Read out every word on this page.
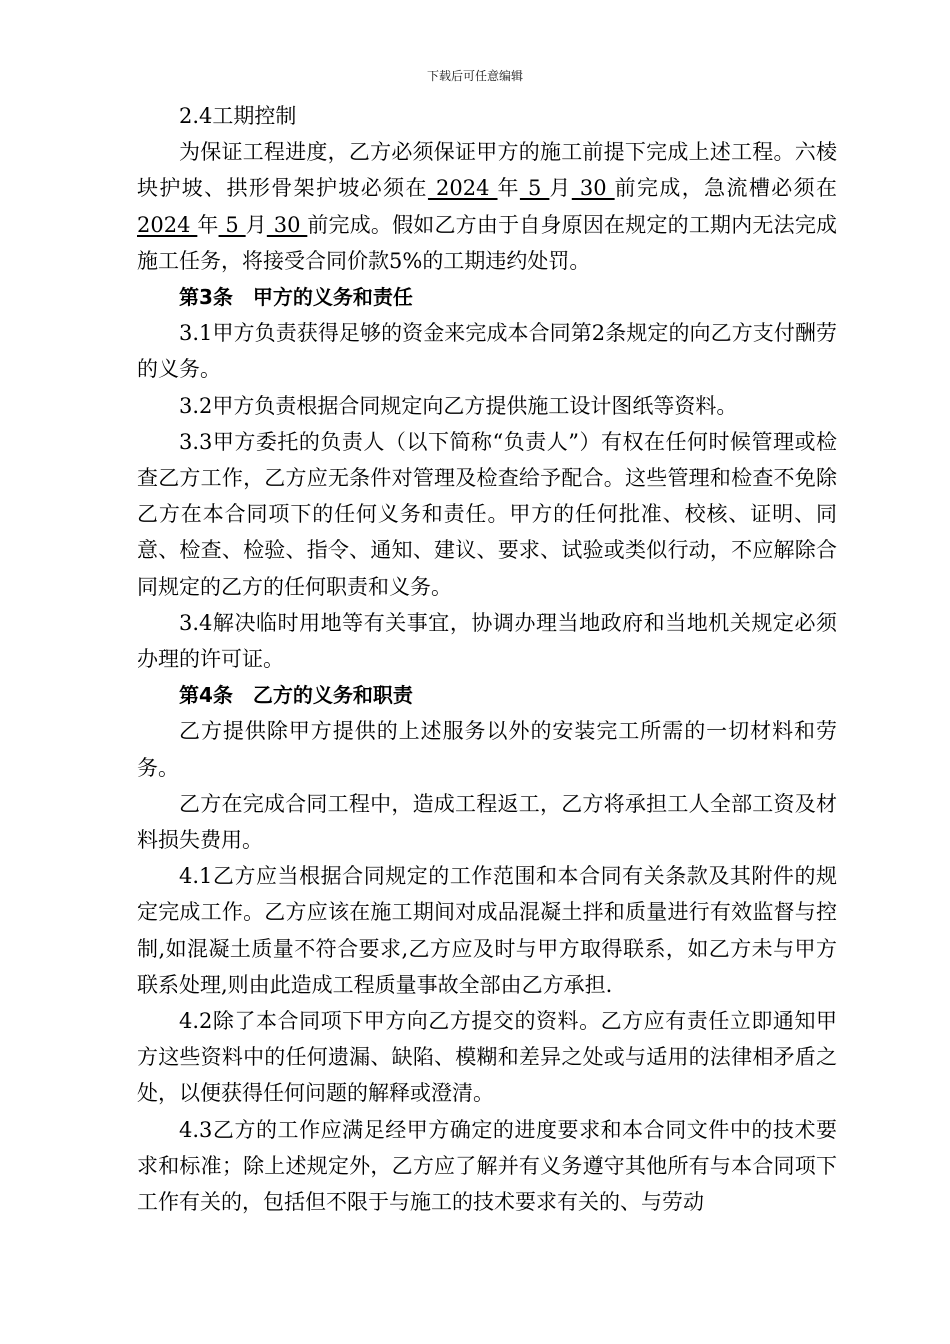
下载后可任意编辑

2.4工期控制

为保证工程进度，乙方必须保证甲方的施工前提下完成上述工程。六棱块护坡、拱形骨架护坡必须在 2024 年 5 月 30 前完成，急流槽必须在 2024 年 5 月 30 前完成。假如乙方由于自身原因在规定的工期内无法完成施工任务，将接受合同价款5%的工期违约处罚。

第3条 甲方的义务和责任

3.1甲方负责获得足够的资金来完成本合同第2条规定的向乙方支付酬劳的义务。

3.2甲方负责根据合同规定向乙方提供施工设计图纸等资料。

3.3甲方委托的负责人（以下简称“负责人”）有权在任何时候管理或检查乙方工作，乙方应无条件对管理及检查给予配合。这些管理和检查不免除乙方在本合同项下的任何义务和责任。甲方的任何批准、校核、证明、同意、检查、检验、指令、通知、建议、要求、试验或类似行动，不应解除合同规定的乙方的任何职责和义务。

3.4解决临时用地等有关事宜，协调办理当地政府和当地机关规定必须办理的许可证。

第4条 乙方的义务和职责

乙方提供除甲方提供的上述服务以外的安装完工所需的一切材料和劳务。

乙方在完成合同工程中，造成工程返工，乙方将承担工人全部工资及材料损失费用。

4.1乙方应当根据合同规定的工作范围和本合同有关条款及其附件的规定完成工作。乙方应该在施工期间对成品混凝土拌和质量进行有效监督与控制,如混凝土质量不符合要求,乙方应及时与甲方取得联系，如乙方未与甲方联系处理,则由此造成工程质量事故全部由乙方承担.

4.2除了本合同项下甲方向乙方提交的资料。乙方应有责任立即通知甲方这些资料中的任何遗漏、缺陷、模糊和差异之处或与适用的法律相矛盾之处，以便获得任何问题的解释或澄清。

4.3乙方的工作应满足经甲方确定的进度要求和本合同文件中的技术要求和标准；除上述规定外，乙方应了解并有义务遵守其他所有与本合同项下工作有关的，包括但不限于与施工的技术要求有关的、与劳动
